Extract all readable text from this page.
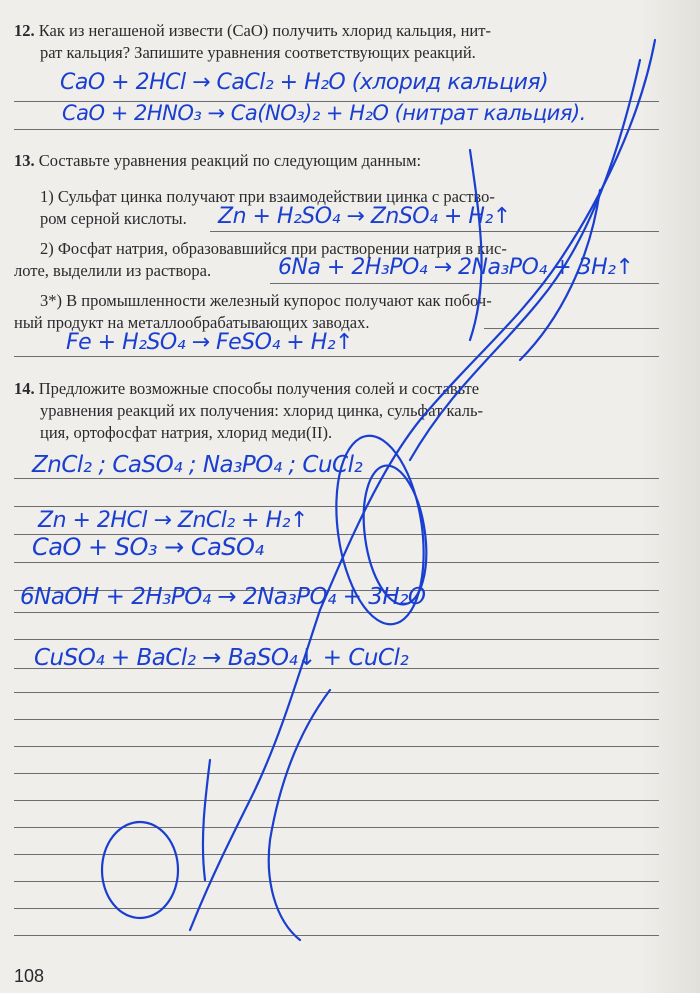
12. Как из негашеной извести (CaO) получить хлорид кальция, нит-
рат кальция? Запишите уравнения соответствующих реакций.
CaO + 2HCl → CaCl₂ + H₂O (хлорид кальция)
CaO + 2HNO₃ → Ca(NO₃)₂ + H₂O (нитрат кальция).
13. Составьте уравнения реакций по следующим данным:
1) Сульфат цинка получают при взаимодействии цинка с раство-
ром серной кислоты.	Zn + H₂SO₄ → ZnSO₄ + H₂↑
2) Фосфат натрия, образовавшийся при растворении натрия в кис-
лоте, выделили из раствора.	6Na + 2H₃PO₄ → 2Na₃PO₄ + 3H₂↑
3*) В промышленности железный купорос получают как побоч-
ный продукт на металлообрабатывающих заводах.
Fe + H₂SO₄ → FeSO₄ + H₂↑
14. Предложите возможные способы получения солей и составьте
уравнения реакций их получения: хлорид цинка, сульфат каль-
ция, ортофосфат натрия, хлорид меди(II).
ZnCl₂ ; CaSO₄ ; Na₃PO₄ ; CuCl₂
Zn + 2HCl → ZnCl₂ + H₂↑
CaO + SO₃ → CaSO₄
6NaOH + 2H₃PO₄ → 2Na₃PO₄ + 3H₂O
CuSO₄ + BaCl₂ → BaSO₄↓ + CuCl₂
108
